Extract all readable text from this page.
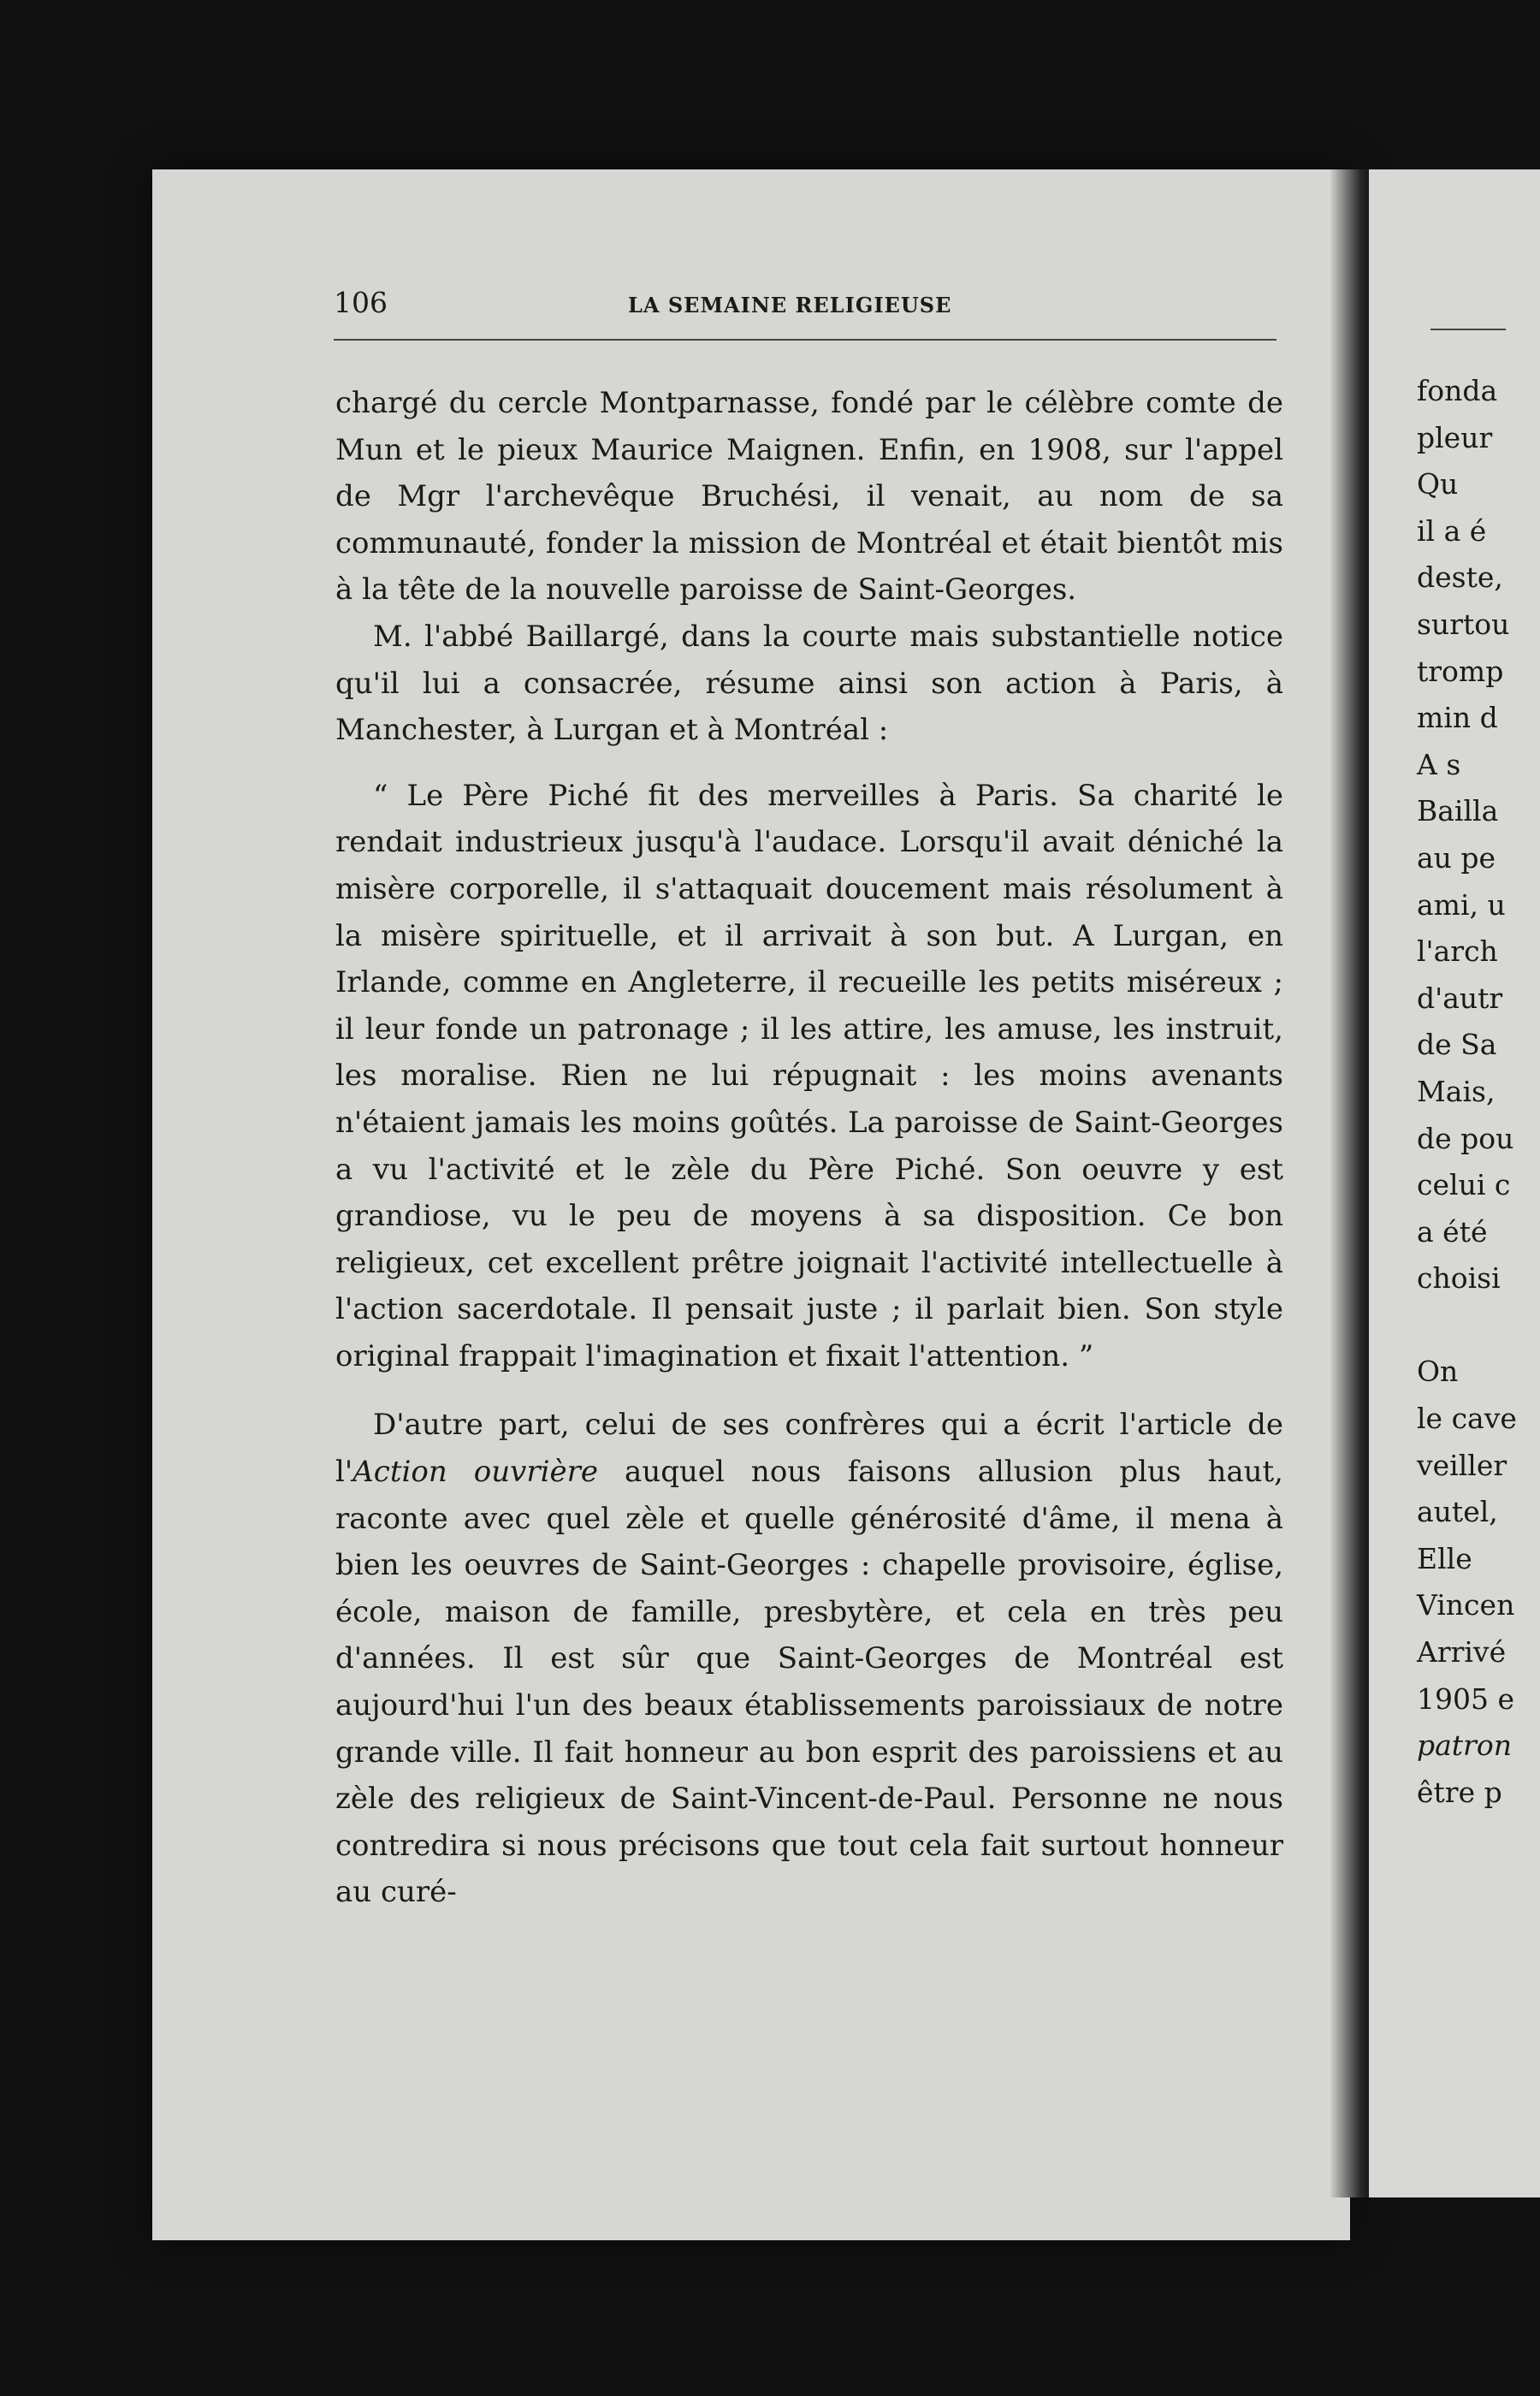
106	LA SEMAINE RELIGIEUSE

chargé du cercle Montparnasse, fondé par le célèbre comte de Mun et le pieux Maurice Maignen. Enfin, en 1908, sur l'appel de Mgr l'archevêque Bruchési, il venait, au nom de sa communauté, fonder la mission de Montréal et était bientôt mis à la tête de la nouvelle paroisse de Saint-Georges.

M. l'abbé Baillargé, dans la courte mais substantielle notice qu'il lui a consacrée, résume ainsi son action à Paris, à Manchester, à Lurgan et à Montréal :

“ Le Père Piché fit des merveilles à Paris. Sa charité le rendait industrieux jusqu'à l'audace. Lorsqu'il avait déniché la misère corporelle, il s'attaquait doucement mais résolument à la misère spirituelle, et il arrivait à son but. A Lurgan, en Irlande, comme en Angleterre, il recueille les petits miséreux ; il leur fonde un patronage ; il les attire, les amuse, les instruit, les moralise. Rien ne lui répugnait : les moins avenants n'étaient jamais les moins goûtés. La paroisse de Saint-Georges a vu l'activité et le zèle du Père Piché. Son oeuvre y est grandiose, vu le peu de moyens à sa disposition. Ce bon religieux, cet excellent prêtre joignait l'activité intellectuelle à l'action sacerdotale. Il pensait juste ; il parlait bien. Son style original frappait l'imagination et fixait l'attention. ”

D'autre part, celui de ses confrères qui a écrit l'article de l'Action ouvrière auquel nous faisons allusion plus haut, raconte avec quel zèle et quelle générosité d'âme, il mena à bien les oeuvres de Saint-Georges : chapelle provisoire, église, école, maison de famille, presbytère, et cela en très peu d'années. Il est sûr que Saint-Georges de Montréal est aujourd'hui l'un des beaux établissements paroissiaux de notre grande ville. Il fait honneur au bon esprit des paroissiens et au zèle des religieux de Saint-Vincent-de-Paul. Personne ne nous contredira si nous précisons que tout cela fait surtout honneur au curé-

fonda
pleur
Qu
il a é
deste,
surtou
tromp
min d
A s
Bailla
au pe
ami, u
l'arch
d'autr
de Sa
Mais,
de pou
celui c
a été
choisi
On
le cave
veiller
autel,
Elle
Vincen
Arrivé
1905 e
patron
être p
